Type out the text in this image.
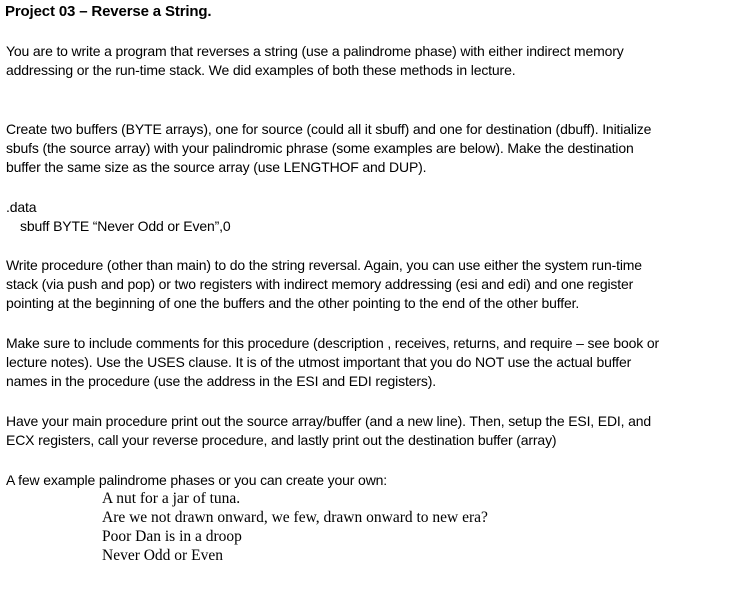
Project 03 – Reverse a String.
You are to write a program that reverses a string (use a palindrome phase) with either indirect memory
addressing or the run-time stack. We did examples of both these methods in lecture.
Create two buffers (BYTE arrays), one for source (could all it sbuff) and one for destination (dbuff). Initialize
sbufs (the source array) with your palindromic phrase (some examples are below). Make the destination
buffer the same size as the source array (use LENGTHOF and DUP).
.data
sbuff BYTE “Never Odd or Even”,0
Write procedure (other than main) to do the string reversal. Again, you can use either the system run-time
stack (via push and pop) or two registers with indirect memory addressing (esi and edi) and one register
pointing at the beginning of one the buffers and the other pointing to the end of the other buffer.
Make sure to include comments for this procedure (description , receives, returns, and require – see book or
lecture notes). Use the USES clause. It is of the utmost important that you do NOT use the actual buffer
names in the procedure (use the address in the ESI and EDI registers).
Have your main procedure print out the source array/buffer (and a new line). Then, setup the ESI, EDI, and
ECX registers, call your reverse procedure, and lastly print out the destination buffer (array)
A few example palindrome phases or you can create your own:
A nut for a jar of tuna.
Are we not drawn onward, we few, drawn onward to new era?
Poor Dan is in a droop
Never Odd or Even
